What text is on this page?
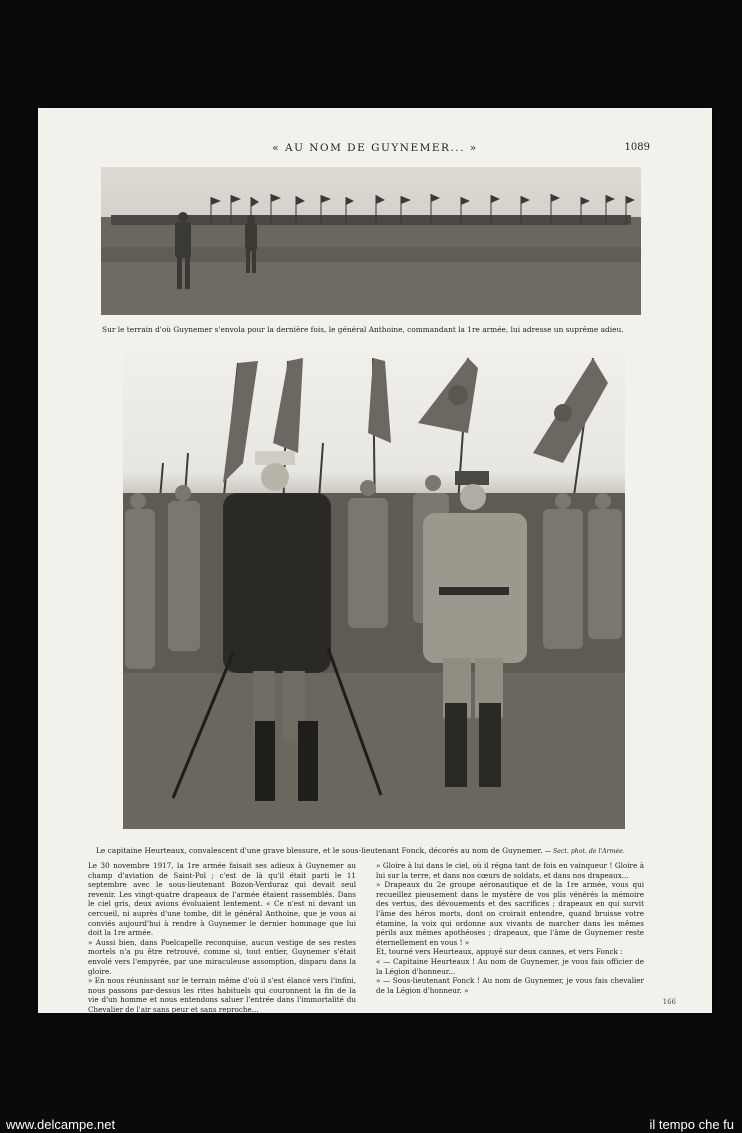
« AU NOM DE GUYNEMER... »	1089
Sur le terrain d'où Guynemer s'envola pour la dernière fois, le général Anthoine, commandant la 1re armée, lui adresse un suprême adieu.
Le capitaine Heurteaux, convalescent d'une grave blessure, et le sous-lieutenant Fonck, décorés au nom de Guynemer. — Sect. phot. de l'Armée.

Le 30 novembre 1917, la 1re armée faisait ses adieux à Guynemer au champ d'aviation de Saint-Pol ; c'est de là qu'il était parti le 11 septembre avec le sous-lieutenant Bozon-Verduraz qui devait seul revenir. Les vingt-quatre drapeaux de l'armée étaient rassemblés. Dans le ciel gris, deux avions évoluaient lentement. « Ce n'est ni devant un cercueil, ni auprès d'une tombe, dit le général Anthoine, que je vous ai conviés aujourd'hui à rendre à Guynemer le dernier hommage que lui doit la 1re armée.

» Aussi bien, dans Poelcapelle reconquise, aucun vestige de ses restes mortels n'a pu être retrouvé, comme si, tout entier, Guynemer s'était envolé vers l'empyrée, par une miraculeuse assomption, disparu dans la gloire.

» En nous réunissant sur le terrain même d'où il s'est élancé vers l'infini, nous passons par-dessus les rites habituels qui couronnent la fin de la vie d'un homme et nous entendons saluer l'entrée dans l'immortalité du Chevalier de l'air sans peur et sans reproche...

» Gloire à lui dans le ciel, où il régna tant de fois en vainqueur ! Gloire à lui sur la terre, et dans nos cœurs de soldats, et dans nos drapeaux...

» Drapeaux du 2e groupe aéronautique et de la 1re armée, vous qui recueillez pieusement dans le mystère de vos plis vénérés la mémoire des vertus, des dévouements et des sacrifices ; drapeaux en qui survit l'âme des héros morts, dont on croirait entendre, quand bruisse votre étamine, la voix qui ordonne aux vivants de marcher dans les mêmes périls aux mêmes apothéoses ; drapeaux, que l'âme de Guynemer reste éternellement en vous ! »

Et, tourné vers Heurteaux, appuyé sur deux cannes, et vers Fonck :

« — Capitaine Heurteaux ! Au nom de Guynemer, je vous fais officier de la Légion d'honneur...

» — Sous-lieutenant Fonck ! Au nom de Guynemer, je vous fais chevalier de la Légion d'honneur. »

166
www.delcampe.net	il tempo che fu
